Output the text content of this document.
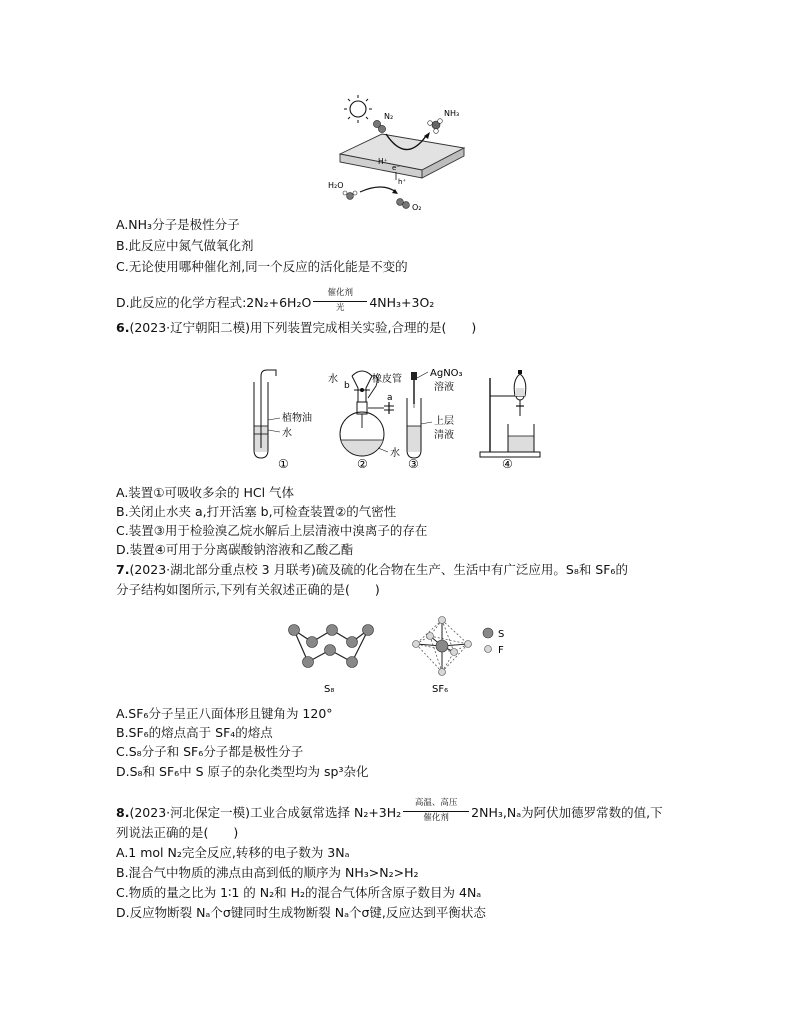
N₂	NH₃
H⁺
e⁻
h⁺
H₂O
O₂
A.NH₃分子是极性分子
B.此反应中氮气做氧化剂
C.无论使用哪种催化剂,同一个反应的活化能是不变的
D.此反应的化学方程式:2N₂+6H₂O
催化剂
光	4NH₃+3O₂
6.(2023·辽宁朝阳二模)用下列装置完成相关实验,合理的是(　　)
植物油
水
①
a
b
水	橡皮管
水
②
AgNO₃
溶液
上层
清液
③	④
A.装置①可吸收多余的 HCl 气体
B.关闭止水夹 a,打开活塞 b,可检查装置②的气密性
C.装置③用于检验溴乙烷水解后上层清液中溴离子的存在
D.装置④可用于分离碳酸钠溶液和乙酸乙酯
7.(2023·湖北部分重点校 3 月联考)硫及硫的化合物在生产、生活中有广泛应用。S₈和 SF₆的
分子结构如图所示,下列有关叙述正确的是(　　)
S₈	SF₆
S
F
A.SF₆分子呈正八面体形且键角为 120°
B.SF₆的熔点高于 SF₄的熔点
C.S₈分子和 SF₆分子都是极性分子
D.S₈和 SF₆中 S 原子的杂化类型均为 sp³杂化
8.(2023·河北保定一模)工业合成氨常选择 N₂+3H₂
高温、高压
催化剂	2NH₃,Nₐ为阿伏加德罗常数的值,下
列说法正确的是(　　)
A.1 mol N₂完全反应,转移的电子数为 3Nₐ
B.混合气中物质的沸点由高到低的顺序为 NH₃>N₂>H₂
C.物质的量之比为 1∶1 的 N₂和 H₂的混合气体所含原子数目为 4Nₐ
D.反应物断裂 Nₐ个σ键同时生成物断裂 Nₐ个σ键,反应达到平衡状态
